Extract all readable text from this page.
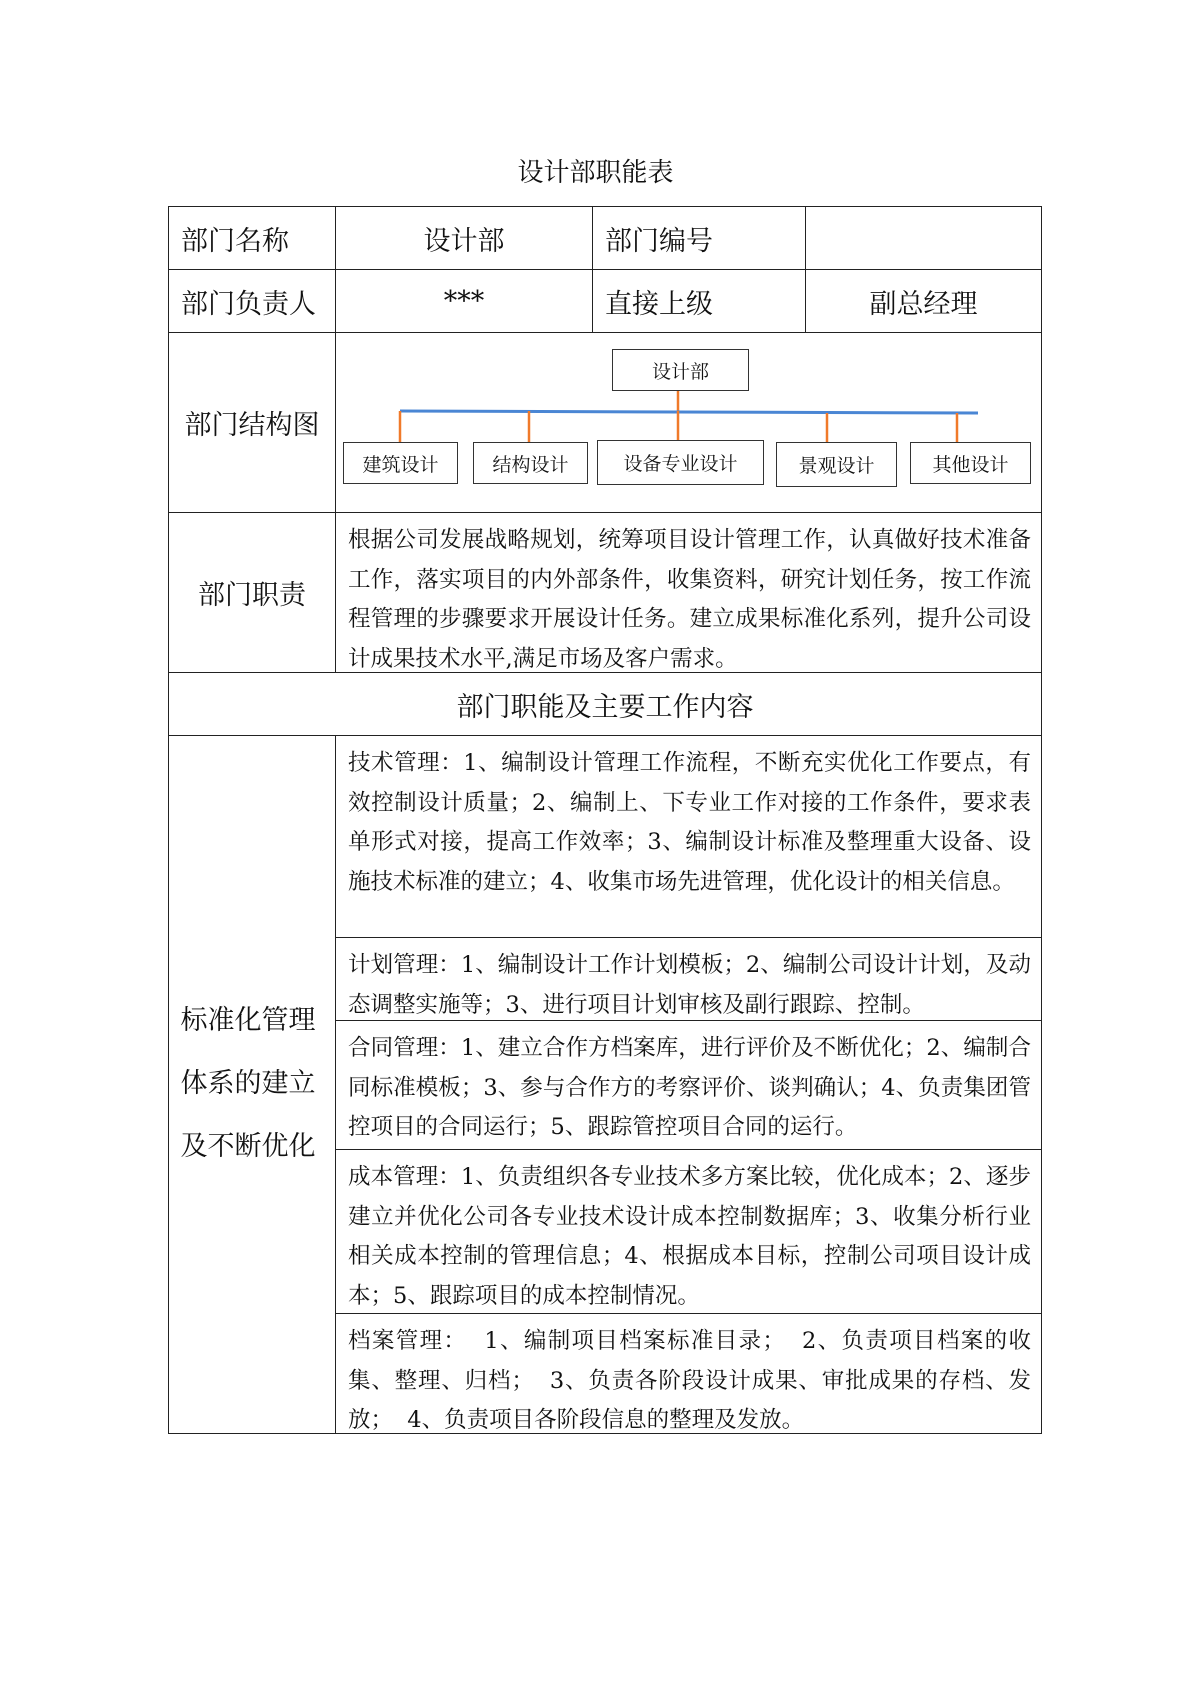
设计部职能表
部门名称	设计部	部门编号
部门负责人	***	直接上级	副总经理
部门结构图
设计部
建筑设计	结构设计	设备专业设计	景观设计	其他设计
部门职责
根据公司发展战略规划，统筹项目设计管理工作，认真做好技术准备工作，落实项目的内外部条件，收集资料，研究计划任务，按工作流程管理的步骤要求开展设计任务。建立成果标准化系列，提升公司设计成果技术水平,满足市场及客户需求。
部门职能及主要工作内容
标准化管理体系的建立及不断优化
技术管理：1、编制设计管理工作流程，不断充实优化工作要点，有效控制设计质量；2、编制上、下专业工作对接的工作条件，要求表单形式对接，提高工作效率；3、编制设计标准及整理重大设备、设施技术标准的建立；4、收集市场先进管理，优化设计的相关信息。
计划管理：1、编制设计工作计划模板；2、编制公司设计计划，及动态调整实施等；3、进行项目计划审核及副行跟踪、控制。
合同管理：1、建立合作方档案库，进行评价及不断优化；2、编制合同标准模板；3、参与合作方的考察评价、谈判确认；4、负责集团管控项目的合同运行；5、跟踪管控项目合同的运行。
成本管理：1、负责组织各专业技术多方案比较，优化成本；2、逐步建立并优化公司各专业技术设计成本控制数据库；3、收集分析行业相关成本控制的管理信息；4、根据成本目标，控制公司项目设计成本；5、跟踪项目的成本控制情况。
档案管理：  1、编制项目档案标准目录；  2、负责项目档案的收集、整理、归档；  3、负责各阶段设计成果、审批成果的存档、发放；  4、负责项目各阶段信息的整理及发放。
